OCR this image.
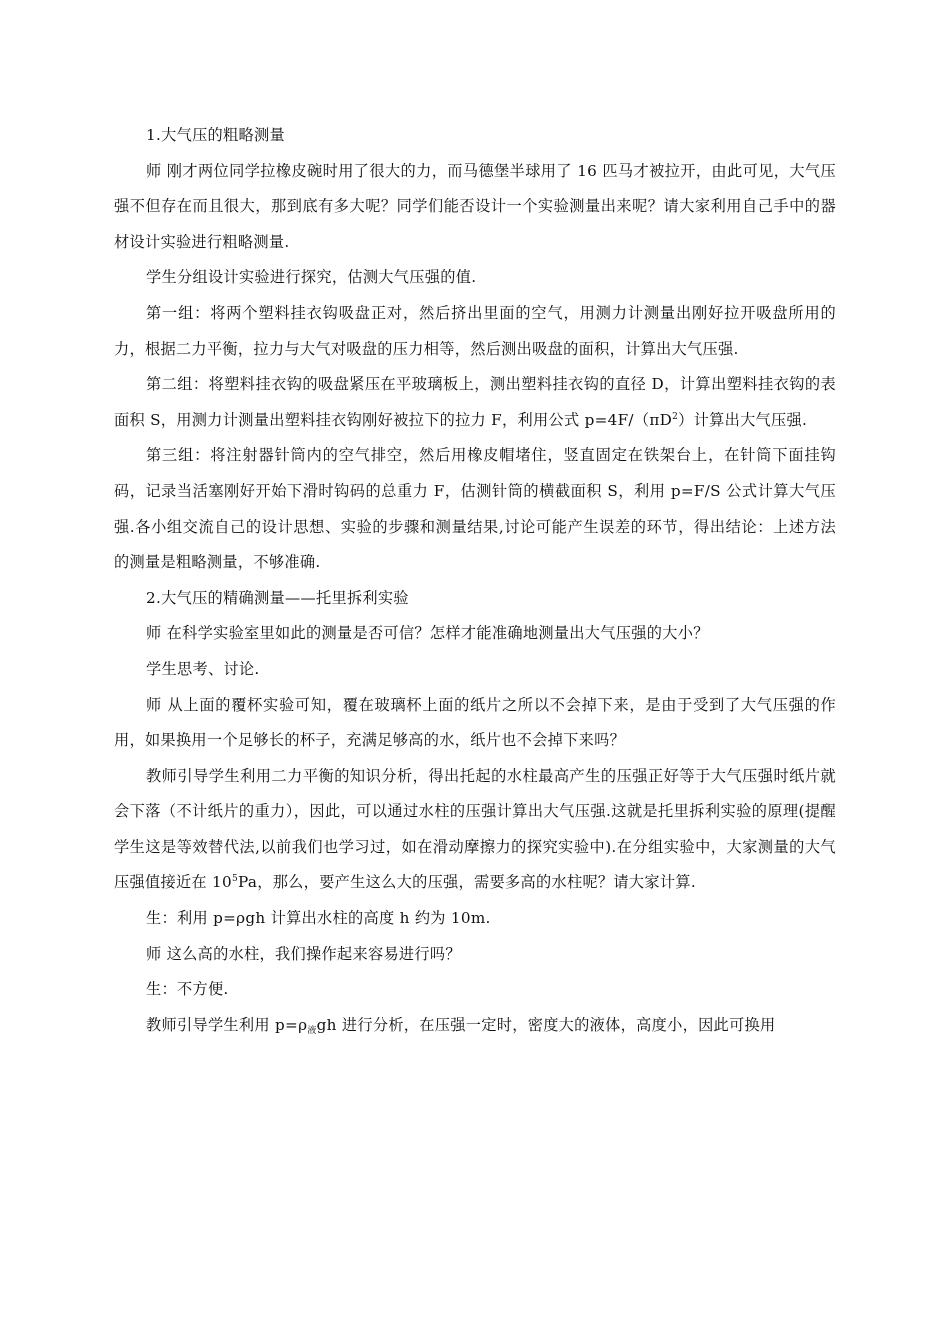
1.大气压的粗略测量

师 刚才两位同学拉橡皮碗时用了很大的力，而马德堡半球用了 16 匹马才被拉开，由此可见，大气压强不但存在而且很大，那到底有多大呢？同学们能否设计一个实验测量出来呢？请大家利用自己手中的器材设计实验进行粗略测量.

学生分组设计实验进行探究，估测大气压强的值.

第一组：将两个塑料挂衣钩吸盘正对，然后挤出里面的空气，用测力计测量出刚好拉开吸盘所用的力，根据二力平衡，拉力与大气对吸盘的压力相等，然后测出吸盘的面积，计算出大气压强.

第二组：将塑料挂衣钩的吸盘紧压在平玻璃板上，测出塑料挂衣钩的直径 D，计算出塑料挂衣钩的表面积 S，用测力计测量出塑料挂衣钩刚好被拉下的拉力 F，利用公式 $p=4F/(\pi D^2)$计算出大气压强.

第三组：将注射器针筒内的空气排空，然后用橡皮帽堵住，竖直固定在铁架台上，在针筒下面挂钩码，记录当活塞刚好开始下滑时钩码的总重力 F，估测针筒的横截面积 S，利用 p=F/S 公式计算大气压强.各小组交流自己的设计思想、实验的步骤和测量结果,讨论可能产生误差的环节，得出结论：上述方法的测量是粗略测量，不够准确.

2.大气压的精确测量——托里拆利实验

师 在科学实验室里如此的测量是否可信？怎样才能准确地测量出大气压强的大小？

学生思考、讨论.

师 从上面的覆杯实验可知，覆在玻璃杯上面的纸片之所以不会掉下来，是由于受到了大气压强的作用，如果换用一个足够长的杯子，充满足够高的水，纸片也不会掉下来吗？

教师引导学生利用二力平衡的知识分析，得出托起的水柱最高产生的压强正好等于大气压强时纸片就会下落（不计纸片的重力），因此，可以通过水柱的压强计算出大气压强.这就是托里拆利实验的原理(提醒学生这是等效替代法,以前我们也学习过，如在滑动摩擦力的探究实验中).在分组实验中，大家测量的大气压强值接近在 $10^5Pa$，那么，要产生这么大的压强，需要多高的水柱呢？请大家计算.

生：利用 p=ρgh 计算出水柱的高度 h 约为 10m.

师 这么高的水柱，我们操作起来容易进行吗？

生：不方便.

教师引导学生利用 p=ρ液gh 进行分析，在压强一定时，密度大的液体，高度小，因此可换用
